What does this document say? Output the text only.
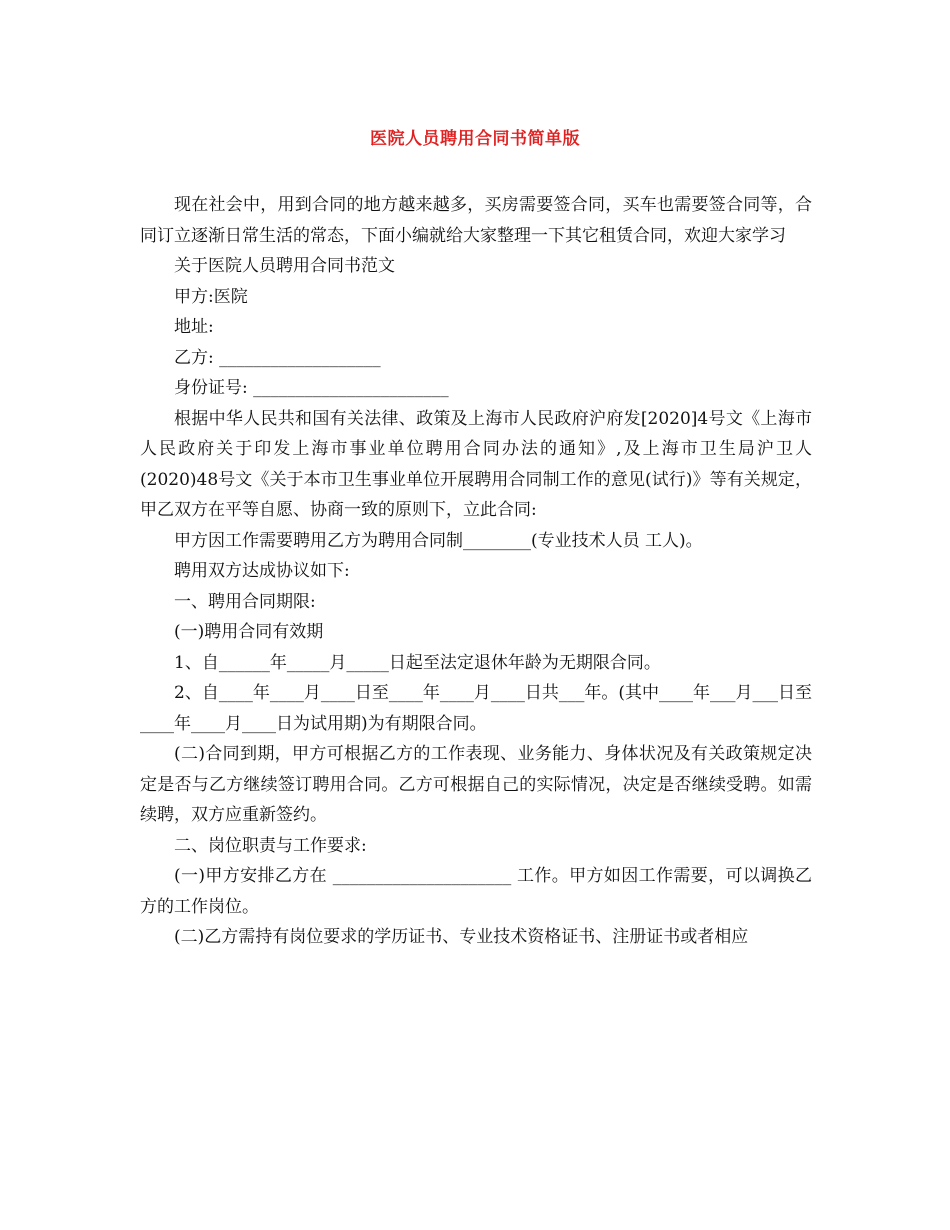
医院人员聘用合同书简单版

现在社会中，用到合同的地方越来越多，买房需要签合同，买车也需要签合同等，合同订立逐渐日常生活的常态，下面小编就给大家整理一下其它租赁合同，欢迎大家学习

关于医院人员聘用合同书范文

甲方:医院

地址:

乙方: ___________________

身份证号: _______________________

根据中华人民共和国有关法律、政策及上海市人民政府沪府发[2020]4号文《上海市人民政府关于印发上海市事业单位聘用合同办法的通知》,及上海市卫生局沪卫人(2020)48号文《关于本市卫生事业单位开展聘用合同制工作的意见(试行)》等有关规定，甲乙双方在平等自愿、协商一致的原则下，立此合同:

甲方因工作需要聘用乙方为聘用合同制________(专业技术人员 工人)。

聘用双方达成协议如下:

一、聘用合同期限:

(一)聘用合同有效期

1、自______年_____月_____日起至法定退休年龄为无期限合同。

2、自____年____月____日至____年____月____日共___年。(其中____年___月___日至____年____月____日为试用期)为有期限合同。

(二)合同到期，甲方可根据乙方的工作表现、业务能力、身体状况及有关政策规定决定是否与乙方继续签订聘用合同。乙方可根据自己的实际情况，决定是否继续受聘。如需续聘，双方应重新签约。

二、岗位职责与工作要求:

(一)甲方安排乙方在 _____________________ 工作。甲方如因工作需要，可以调换乙方的工作岗位。

(二)乙方需持有岗位要求的学历证书、专业技术资格证书、注册证书或者相应
